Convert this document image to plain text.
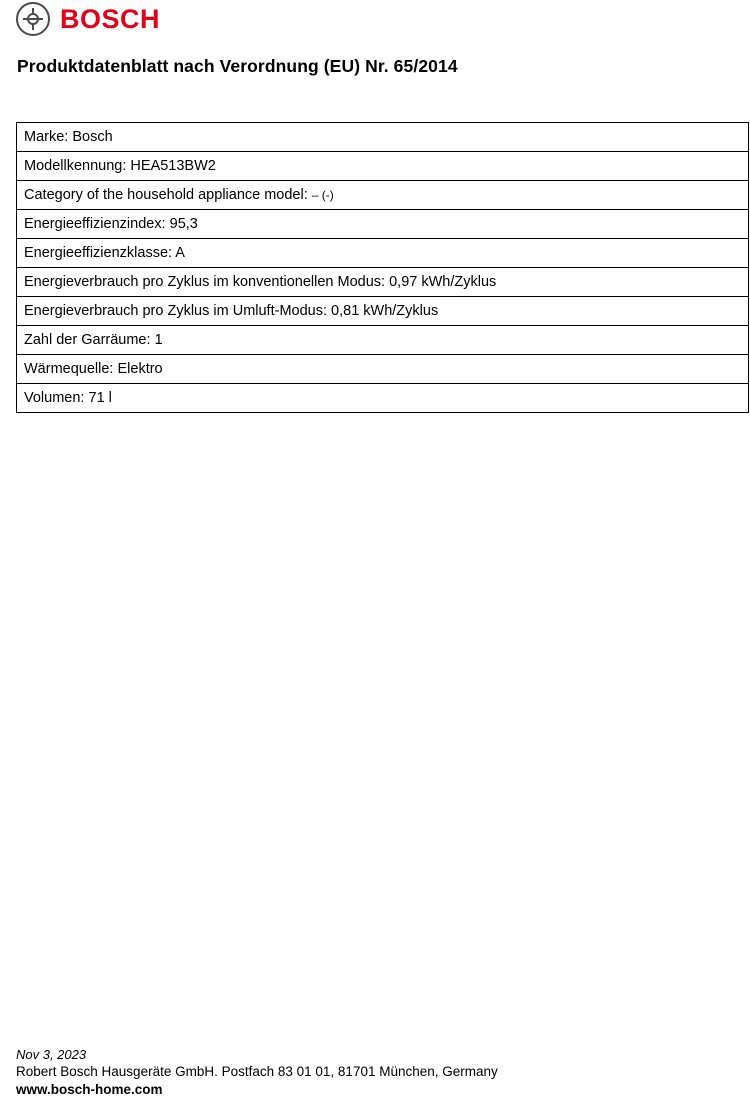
BOSCH
Produktdatenblatt nach Verordnung (EU) Nr. 65/2014
Marke: Bosch
Modellkennung: HEA513BW2
Category of the household appliance model: – (-)
Energieeffizienzindex: 95,3
Energieeffizienzklasse: A
Energieverbrauch pro Zyklus im konventionellen Modus: 0,97 kWh/Zyklus
Energieverbrauch pro Zyklus im Umluft-Modus: 0,81 kWh/Zyklus
Zahl der Garräume: 1
Wärmequelle: Elektro
Volumen: 71 l
Nov 3, 2023
Robert Bosch Hausgeräte GmbH. Postfach 83 01 01, 81701 München, Germany
www.bosch-home.com
